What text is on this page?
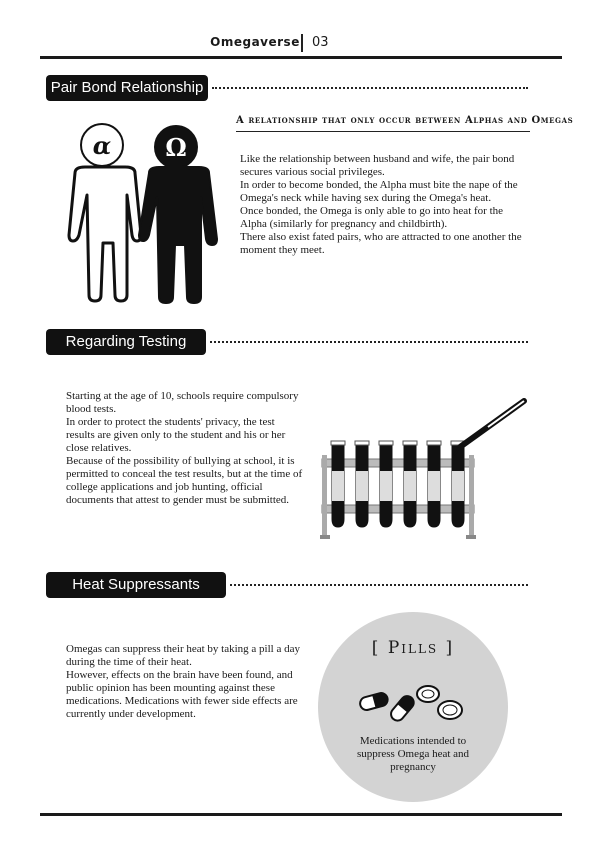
Omegaverse 03
Pair Bond Relationship
A relationship that only occur between Alphas and Omegas
α	Ω	Like the relationship between husband and wife, the pair bond secures various social privileges.

In order to become bonded, the Alpha must bite the nape of the Omega's neck while having sex during the Omega's heat.

Once bonded, the Omega is only able to go into heat for the Alpha (similarly for pregnancy and childbirth).

There also exist fated pairs, who are attracted to one another the moment they meet.

Regarding Testing

Starting at the age of 10, schools require compulsory blood tests.

In order to protect the students' privacy, the test results are given only to the student and his or her close relatives.

Because of the possibility of bullying at school, it is permitted to conceal the test results, but at the time of college applications and job hunting, official documents that attest to gender must be submitted.

Heat Suppressants

Omegas can suppress their heat by taking a pill a day during the time of their heat.

However, effects on the brain have been found, and public opinion has been mounting against these medications. Medications with fewer side effects are currently under development.

[ Pills ]
Medications intended to suppress Omega heat and pregnancy
